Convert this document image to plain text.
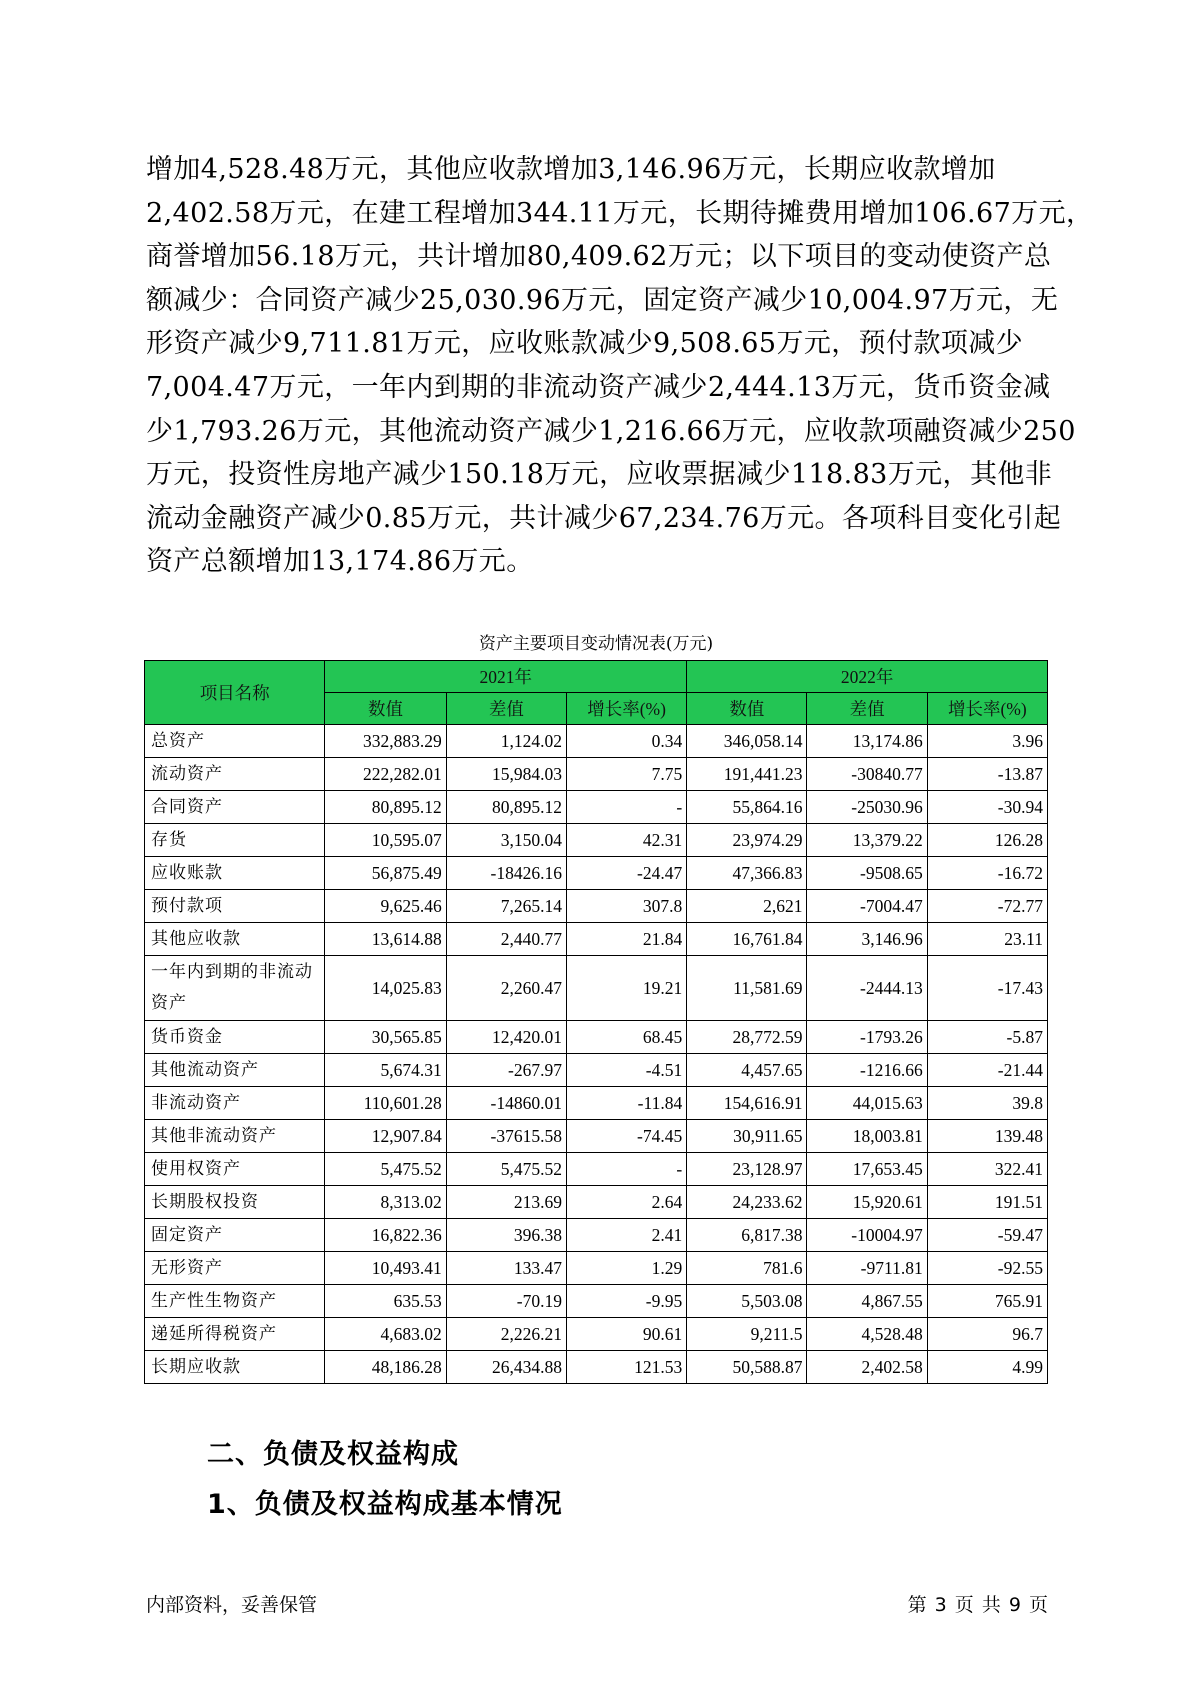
增加4,528.48万元，其他应收款增加3,146.96万元，长期应收款增加

2,402.58万元，在建工程增加344.11万元，长期待摊费用增加106.67万元，

商誉增加56.18万元，共计增加80,409.62万元；以下项目的变动使资产总

额减少：合同资产减少25,030.96万元，固定资产减少10,004.97万元，无

形资产减少9,711.81万元，应收账款减少9,508.65万元，预付款项减少

7,004.47万元，一年内到期的非流动资产减少2,444.13万元，货币资金减

少1,793.26万元，其他流动资产减少1,216.66万元，应收款项融资减少250

万元，投资性房地产减少150.18万元，应收票据减少118.83万元，其他非

流动金融资产减少0.85万元，共计减少67,234.76万元。各项科目变化引起

资产总额增加13,174.86万元。

资产主要项目变动情况表(万元)
项目名称	2021年			2022年		
	数值	差值	增长率(%)	数值	差值	增长率(%)

总资产	332,883.29	1,124.02	0.34	346,058.14	13,174.86	3.96

流动资产	222,282.01	15,984.03	7.75	191,441.23	-30840.77	-13.87

合同资产	80,895.12	80,895.12	-	55,864.16	-25030.96	-30.94

存货	10,595.07	3,150.04	42.31	23,974.29	13,379.22	126.28

应收账款	56,875.49	-18426.16	-24.47	47,366.83	-9508.65	-16.72

预付款项	9,625.46	7,265.14	307.8	2,621	-7004.47	-72.77

其他应收款	13,614.88	2,440.77	21.84	16,761.84	3,146.96	23.11

一年内到期的非流动资产	14,025.83	2,260.47	19.21	11,581.69	-2444.13	-17.43

货币资金	30,565.85	12,420.01	68.45	28,772.59	-1793.26	-5.87

其他流动资产	5,674.31	-267.97	-4.51	4,457.65	-1216.66	-21.44

非流动资产	110,601.28	-14860.01	-11.84	154,616.91	44,015.63	39.8

其他非流动资产	12,907.84	-37615.58	-74.45	30,911.65	18,003.81	139.48

使用权资产	5,475.52	5,475.52	-	23,128.97	17,653.45	322.41

长期股权投资	8,313.02	213.69	2.64	24,233.62	15,920.61	191.51

固定资产	16,822.36	396.38	2.41	6,817.38	-10004.97	-59.47

无形资产	10,493.41	133.47	1.29	781.6	-9711.81	-92.55

生产性生物资产	635.53	-70.19	-9.95	5,503.08	4,867.55	765.91

递延所得税资产	4,683.02	2,226.21	90.61	9,211.5	4,528.48	96.7

长期应收款	48,186.28	26,434.88	121.53	50,588.87	2,402.58	4.99
二、负债及权益构成
1、负债及权益构成基本情况
内部资料，妥善保管	第 3 页 共 9 页
